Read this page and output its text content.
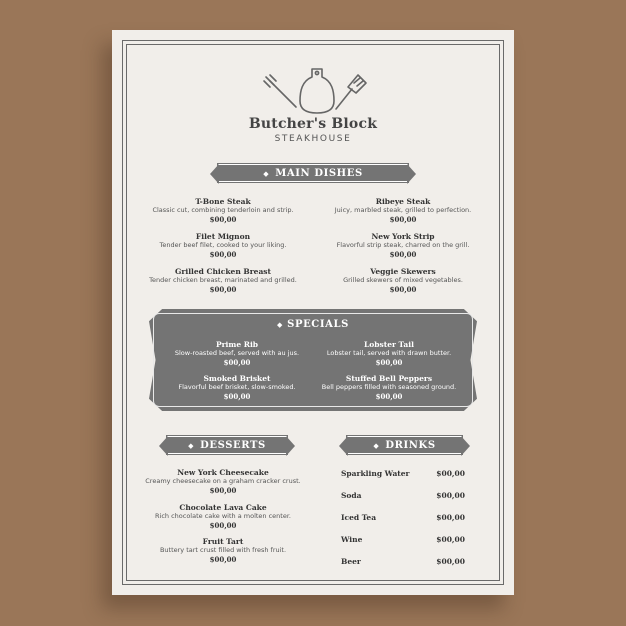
Butcher's Block
STEAKHOUSE
◆ MAIN DISHES
T-Bone Steak
Classic cut, combining tenderloin and strip.
$00,00
Ribeye Steak
Juicy, marbled steak, grilled to perfection.
$00,00
Filet Mignon
Tender beef filet, cooked to your liking.
$00,00
New York Strip
Flavorful strip steak, charred on the grill.
$00,00
Grilled Chicken Breast
Tender chicken breast, marinated and grilled.
$00,00
Veggie Skewers
Grilled skewers of mixed vegetables.
$00,00
◆ SPECIALS
Prime Rib
Slow-roasted beef, served with au jus.
$00,00
Lobster Tail
Lobster tail, served with drawn butter.
$00,00
Smoked Brisket
Flavorful beef brisket, slow-smoked.
$00,00
Stuffed Bell Peppers
Bell peppers filled with seasoned ground.
$00,00
◆ DESSERTS	◆ DRINKS
New York Cheesecake
Creamy cheesecake on a graham cracker crust.
$00,00
Chocolate Lava Cake
Rich chocolate cake with a molten center.
$00,00
Fruit Tart
Buttery tart crust filled with fresh fruit.
$00,00
Sparkling Water	$00,00
Soda	$00,00
Iced Tea	$00,00
Wine	$00,00
Beer	$00,00
